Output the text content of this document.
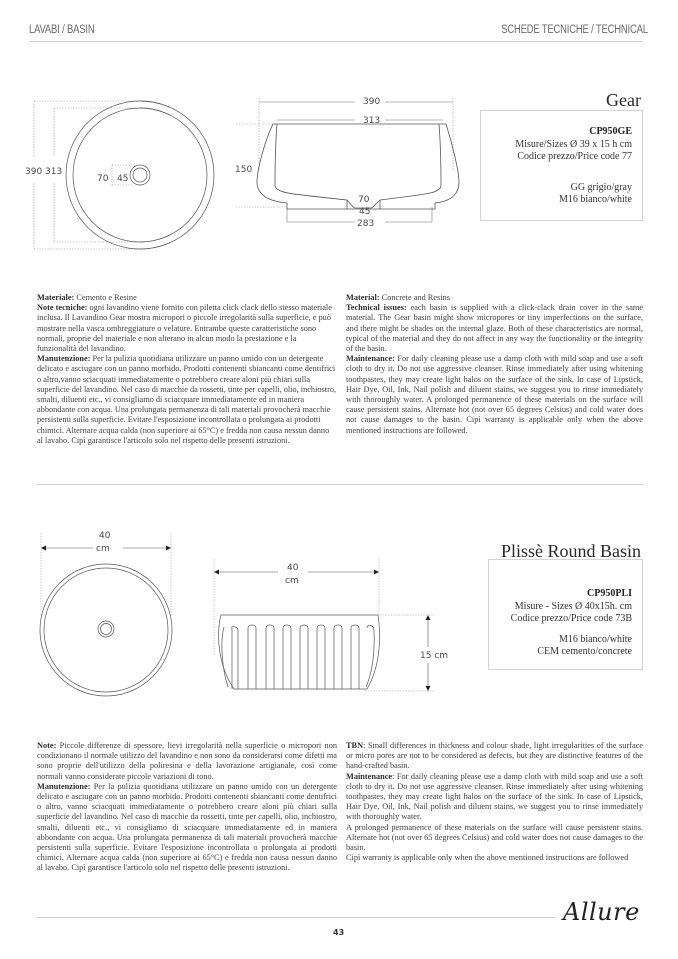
LAVABI / BASIN	SCHEDE TECNICHE / TECHNICAL
390 313
70 45
390
313
150
70
45
283
Gear
CP950GE
Misure/Sizes Ø 39 x 15 h cm
Codice prezzo/Price code 77
GG grigio/gray
M16 bianco/white

Materiale: Cemento e Resine

Note tecniche: ogni lavandino viene fornito con piletta click clack dello stesso materiale inclusa. Il Lavandino Gear mostra micropori o piccole irregolarità sulla superficie, e può mostrare nella vasca ombreggiature o velature. Entrambe queste caratteristiche sono normali, proprie del materiale e non alterano in alcun modo la prestazione e la funzionalità del lavandino.

Manutenzione: Per la pulizia quotidiana utilizzare un panno umido con un detergente delicato e asciugare con un panno morbido. Prodotti contenenti sbiancanti come dentifrici o altro,vanno sciacquati immediatamente o potrebbero creare aloni più chiari sulla superficie del lavandino. Nel caso di macchie da rossetti, tinte per capelli, olio, inchiostro, smalti, diluenti etc., vi consigliamo di sciacquare immediatamente ed in maniera abbondante con acqua. Una prolungata permanenza di tali materiali provocherà macchie persistenti sulla superficie. Evitare l'esposizione incontrollata o prolungata ai prodotti chimici. Alternare acqua calda (non superiore ai 65°C) e fredda non causa nessun danno al lavabo. Cipì garantisce l'articolo solo nel rispetto delle presenti istruzioni.

Material: Concrete and Resins

Technical issues: each basin is supplied with a click-clack drain cover in the same material. The Gear basin might show micropores or tiny imperfections on the surface, and there might be shades on the internal glaze. Both of these characteristics are normal, typical of the material and they do not affect in any way the functionality or the integrity of the basin.

Maintenance: For daily cleaning please use a damp cloth with mild soap and use a soft cloth to dry it. Do not use aggressive cleanser. Rinse immediately after using whitening toothpastes, they may create light halos on the surface of the sink. In case of Lipstick, Hair Dye, Oil, Ink, Nail polish and diluent stains, we suggest you to rinse immediately with thoroughly water. A prolonged permanence of these materials on the surface will cause persistent stains. Alternate hot (not over 65 degrees Celsius) and cold water does not cause damages to the basin. Cipì warranty is applicable only when the above mentioned instructions are followed.

40
cm
40
cm
15 cm
Plissè Round Basin
CP950PLI
Misure - Sizes Ø 40x15h. cm
Codice prezzo/Price code 73B
M16 bianco/white
CEM cemento/concrete

Note: Piccole differenze di spessore, lievi irregolarità nella superficie o micropori non condizionano il normale utilizzo del lavandino e non sono da considerarsi come difetti ma sono proprie dell'utilizzo della poliresina e della lavorazione artigianale, così come normali vanno considerate piccole variazioni di tono.

Manutenzione: Per la pulizia quotidiana utilizzare un panno umido con un detergente delicato e asciugare con un panno morbido. Prodotti contenenti sbiancanti come dentifrici o altro, vanno sciacquati immediatamente o potrebbero creare aloni più chiari sulla superficie del lavandino. Nel caso di macchie da rossetti, tinte per capelli, olio, inchiostro, smalti, diluenti etc., vi consigliamo di sciacquare immediatamente ed in maniera abbondante con acqua. Una prolungata permanenza di tali materiali provocherà macchie persistenti sulla superficie. Evitare l'esposizione incontrollata o prolungata ai prodotti chimici. Alternare acqua calda (non superiore ai 65°C) e fredda non causa nessun danno al lavabo. Cipì garantisce l'articolo solo nel rispetto delle presenti istruzioni.

TBN: Small differences in thickness and colour shade, light irregularities of the surface or micro pores are not to be considered as defects, but they are distinctive features of the hand-crafted basin.

Maintenance: For daily cleaning please use a damp cloth with mild soap and use a soft cloth to dry it. Do not use aggressive cleanser. Rinse immediately after using whitening toothpastes, they may create light halos on the surface of the sink. In case of Lipstick, Hair Dye, Oil, Ink, Nail polish and diluent stains, we suggest you to rinse immediately with thoroughly water.

A prolonged permanence of these materials on the surface will cause persistent stains. Alternate hot (not over 65 degrees Celsius) and cold water does not cause damages to the basin.

Cipì warranty is applicable only when the above mentioned instructions are followed

43
Allure
